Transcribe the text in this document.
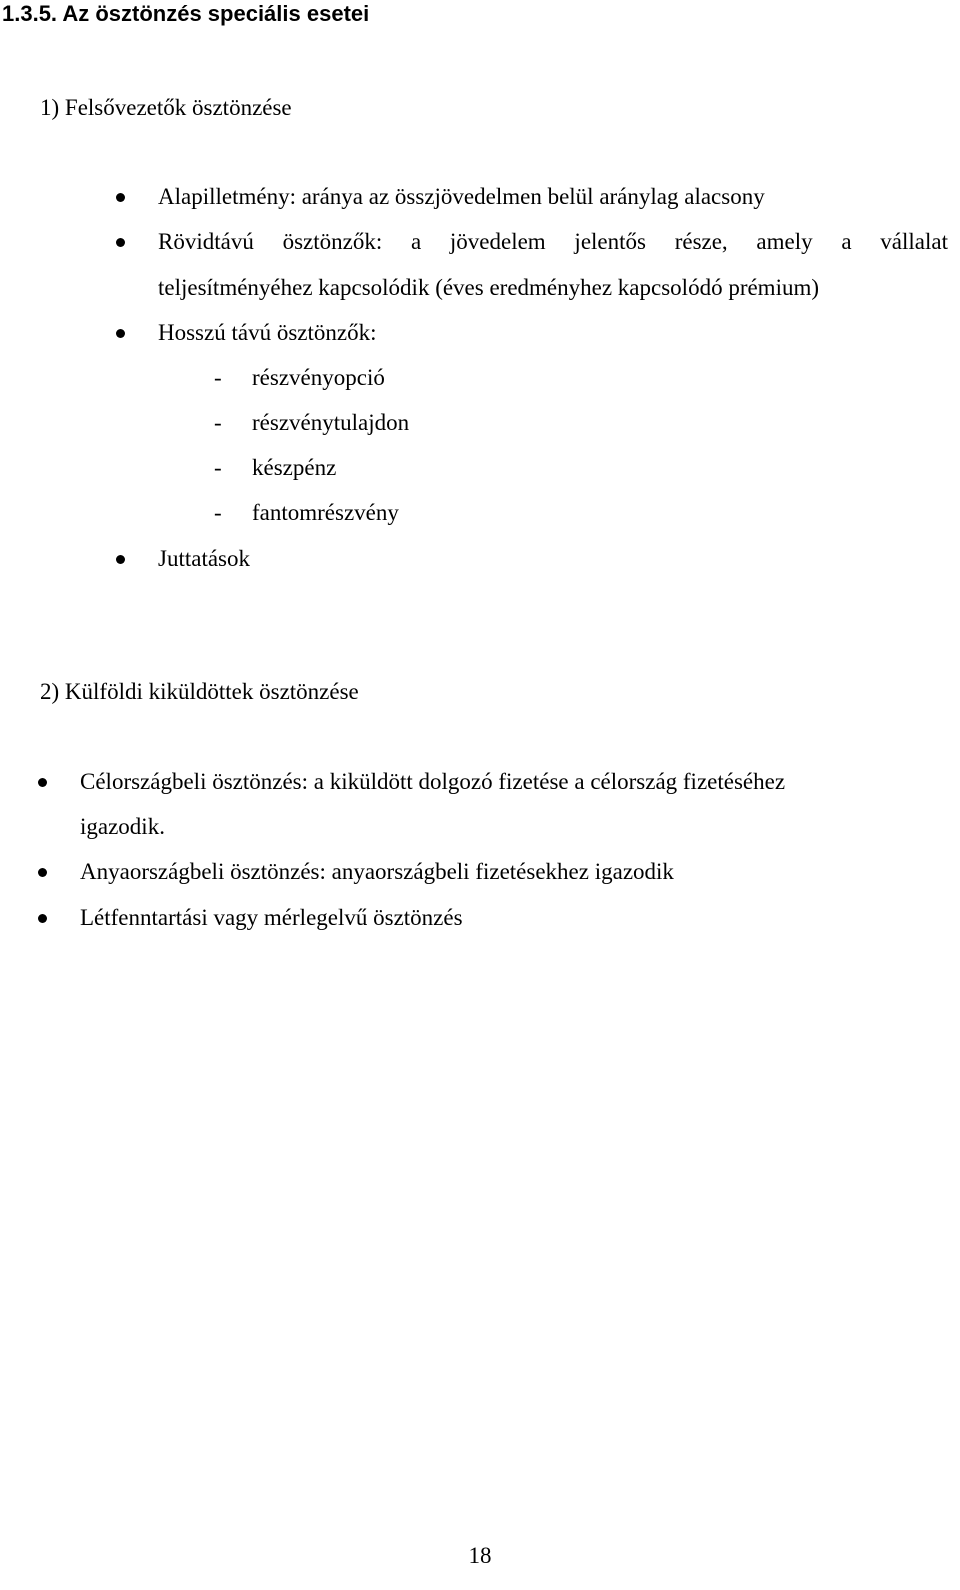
1.3.5. Az ösztönzés speciális esetei
1) Felsővezetők ösztönzése
Alapilletmény: aránya az összjövedelmen belül aránylag alacsony
Rövidtávú ösztönzők: a jövedelem jelentős része, amely a vállalat
teljesítményéhez kapcsolódik (éves eredményhez kapcsolódó prémium)
Hosszú távú ösztönzők:
- részvényopció
- részvénytulajdon
- készpénz
- fantomrészvény
Juttatások
2) Külföldi kiküldöttek ösztönzése
Célországbeli ösztönzés: a kiküldött dolgozó fizetése a célország fizetéséhez
igazodik.
Anyaországbeli ösztönzés: anyaországbeli fizetésekhez igazodik
Létfenntartási vagy mérlegelvű ösztönzés
18
